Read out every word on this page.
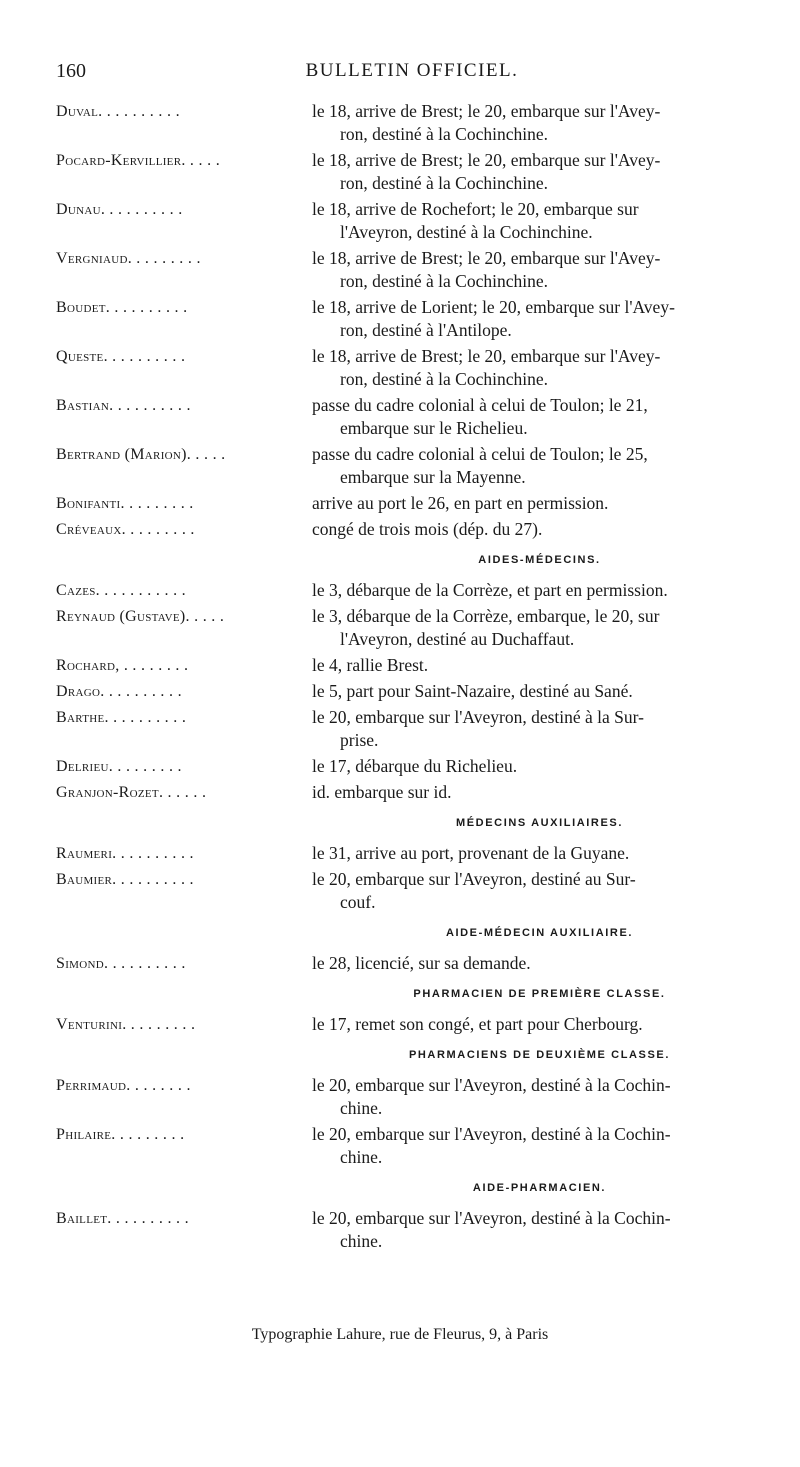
160	BULLETIN OFFICIEL.
Duval. . . . . . . . . .	le 18, arrive de Brest; le 20, embarque sur l'Avey-
ron, destiné à la Cochinchine.
Pocard-Kervillier. . . . .	le 18, arrive de Brest; le 20, embarque sur l'Avey-
ron, destiné à la Cochinchine.
Dunau. . . . . . . . . .	le 18, arrive de Rochefort; le 20, embarque sur
l'Aveyron, destiné à la Cochinchine.
Vergniaud. . . . . . . . .	le 18, arrive de Brest; le 20, embarque sur l'Avey-
ron, destiné à la Cochinchine.
Boudet. . . . . . . . . .	le 18, arrive de Lorient; le 20, embarque sur l'Avey-
ron, destiné à l'Antilope.
Queste. . . . . . . . . .	le 18, arrive de Brest; le 20, embarque sur l'Avey-
ron, destiné à la Cochinchine.
Bastian. . . . . . . . . .	passe du cadre colonial à celui de Toulon; le 21,
embarque sur le Richelieu.
Bertrand (Marion). . . . .	passe du cadre colonial à celui de Toulon; le 25,
embarque sur la Mayenne.
Bonifanti. . . . . . . . .	arrive au port le 26, en part en permission.
Créveaux. . . . . . . . .	congé de trois mois (dép. du 27).
AIDES-MÉDECINS.
Cazes. . . . . . . . . . .	le 3, débarque de la Corrèze, et part en permission.
Reynaud (Gustave). . . . .	le 3, débarque de la Corrèze, embarque, le 20, sur
l'Aveyron, destiné au Duchaffaut.
Rochard, . . . . . . . .	le 4, rallie Brest.
Drago. . . . . . . . . .	le 5, part pour Saint-Nazaire, destiné au Sané.
Barthe. . . . . . . . . .	le 20, embarque sur l'Aveyron, destiné à la Sur-
prise.
Delrieu. . . . . . . . .	le 17, débarque du Richelieu.
Granjon-Rozet. . . . . .	id. embarque sur id.
MÉDECINS AUXILIAIRES.
Raumeri. . . . . . . . . .	le 31, arrive au port, provenant de la Guyane.
Baumier. . . . . . . . . .	le 20, embarque sur l'Aveyron, destiné au Sur-
couf.
AIDE-MÉDECIN AUXILIAIRE.
Simond. . . . . . . . . .	le 28, licencié, sur sa demande.
PHARMACIEN DE PREMIÈRE CLASSE.
Venturini. . . . . . . . .	le 17, remet son congé, et part pour Cherbourg.
PHARMACIENS DE DEUXIÈME CLASSE.
Perrimaud. . . . . . . .	le 20, embarque sur l'Aveyron, destiné à la Cochin-
chine.
Philaire. . . . . . . . .	le 20, embarque sur l'Aveyron, destiné à la Cochin-
chine.
AIDE-PHARMACIEN.
Baillet. . . . . . . . . .	le 20, embarque sur l'Aveyron, destiné à la Cochin-
chine.
Typographie Lahure, rue de Fleurus, 9, à Paris
